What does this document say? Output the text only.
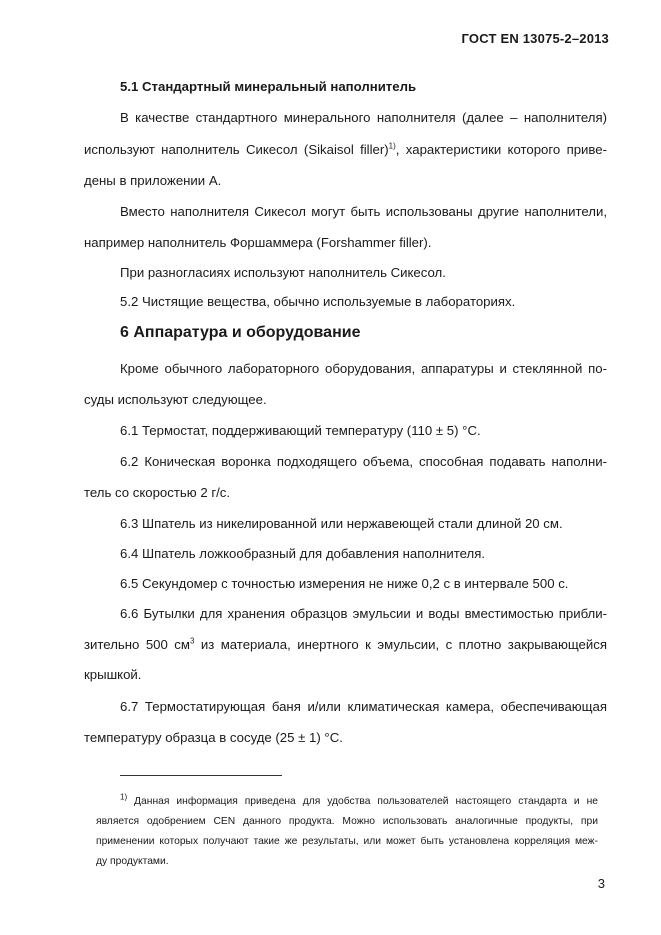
ГОСТ EN 13075-2–2013
5.1 Стандартный минеральный наполнитель
В качестве стандартного минерального наполнителя (далее – наполнителя)
используют наполнитель Сикесол (Sikaisol filler)$^{1)}$, характеристики которого приве-
дены в приложении А.
Вместо наполнителя Сикесол могут быть использованы другие наполнители,
например наполнитель Форшаммера (Forshammer filler).
При разногласиях используют наполнитель Сикесол.
5.2 Чистящие вещества, обычно используемые в лабораториях.
6 Аппаратура и оборудование
Кроме обычного лабораторного оборудования, аппаратуры и стеклянной по-
суды используют следующее.
6.1 Термостат, поддерживающий температуру (110 ± 5) °С.
6.2 Коническая воронка подходящего объема, способная подавать наполни-
тель со скоростью 2 г/с.
6.3 Шпатель из никелированной или нержавеющей стали длиной 20 см.
6.4 Шпатель ложкообразный для добавления наполнителя.
6.5 Секундомер с точностью измерения не ниже 0,2 с в интервале 500 с.
6.6 Бутылки для хранения образцов эмульсии и воды вместимостью прибли-
зительно 500 $см^3$ из материала, инертного к эмульсии, с плотно закрывающейся
крышкой.
6.7 Термостатирующая баня и/или климатическая камера, обеспечивающая
температуру образца в сосуде (25 ± 1) °С.
$^{1)}$ Данная информация приведена для удобства пользователей настоящего стандарта и не
является одобрением CEN данного продукта. Можно использовать аналогичные продукты, при
применении которых получают такие же результаты, или может быть установлена корреляция меж-
ду продуктами.
3
